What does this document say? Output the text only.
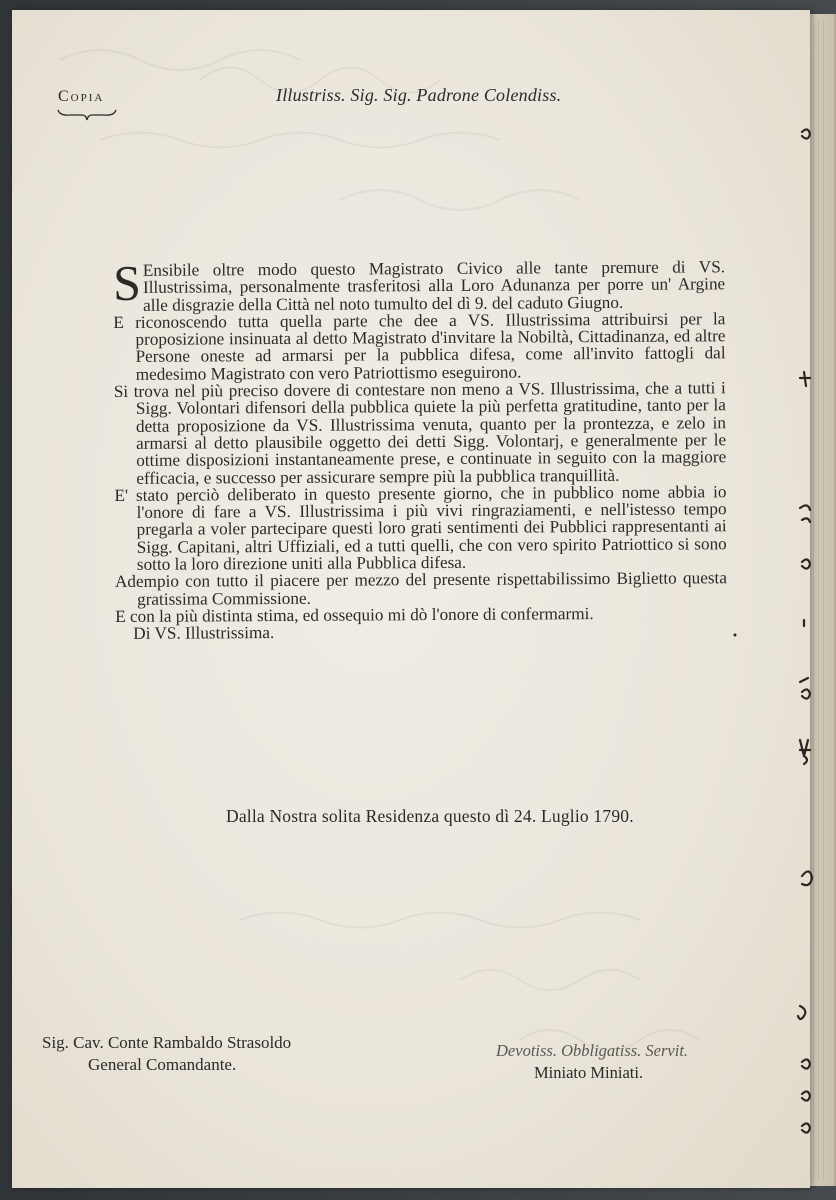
Copia	Illustriss. Sig. Sig. Padrone Colendiss.

S Ensibile oltre modo questo Magistrato Civico alle tante premure di VS. Illustrissima, personalmente trasferitosi alla Loro Adunanza per porre un' Argine alle disgrazie della Città nel noto tumulto del dì 9. del caduto Giugno.

E riconoscendo tutta quella parte che dee a VS. Illustrissima attribuirsi per la proposizione insinuata al detto Magistrato d'invitare la Nobiltà, Cittadinanza, ed altre Persone oneste ad armarsi per la pubblica difesa, come all'invito fattogli dal medesimo Magistrato con vero Patriottismo eseguirono.

Si trova nel più preciso dovere di contestare non meno a VS. Illustrissima, che a tutti i Sigg. Volontari difensori della pubblica quiete la più perfetta gratitudine, tanto per la detta proposizione da VS. Illustrissima venuta, quanto per la prontezza, e zelo in armarsi al detto plausibile oggetto dei detti Sigg. Volontarj, e generalmente per le ottime disposizioni instantaneamente prese, e continuate in seguito con la maggiore efficacia, e successo per assicurare sempre più la pubblica tranquillità.

E' stato perciò deliberato in questo presente giorno, che in pubblico nome abbia io l'onore di fare a VS. Illustrissima i più vivi ringraziamenti, e nell'istesso tempo pregarla a voler partecipare questi loro grati sentimenti dei Pubblici rappresentanti ai Sigg. Capitani, altri Uffiziali, ed a tutti quelli, che con vero spirito Patriottico si sono sotto la loro direzione uniti alla Pubblica difesa.

Adempio con tutto il piacere per mezzo del presente rispettabilissimo Biglietto questa gratissima Commissione.

E con la più distinta stima, ed ossequio mi dò l'onore di confermarmi.

Di VS. Illustrissima.

Dalla Nostra solita Residenza questo dì 24. Luglio 1790.
Sig. Cav. Conte Rambaldo Strasoldo
General Comandante.
Devotiss. Obbligatiss. Servit.
Miniato Miniati.
